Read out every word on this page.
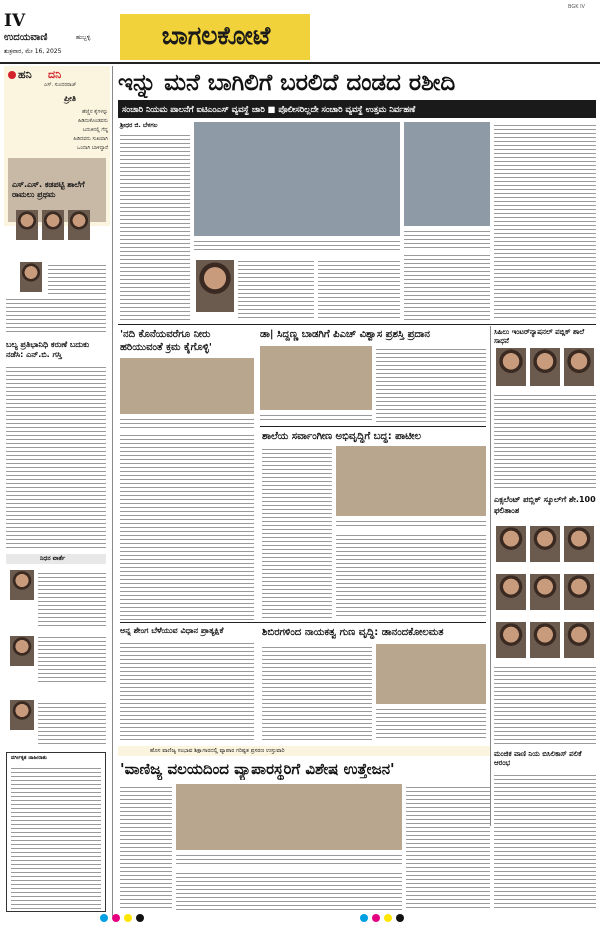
IV
ಉದಯವಾಣಿ	ಹುಬ್ಬಳ್ಳಿ
ಶುಕ್ರವಾರ, ಮೇ 16, 2025
ಬಾಗಲಕೋಟೆ
BGK IV
ಹನಿ ದನಿ
ಎಸ್. ಸುಂದರರಾಜ್
ಪ್ರೀತಿ
ಹೆಣ್ಣಿನ ಕೈಗಳನ್ನು
ಹಿಡಿದುಕೊಂಡವನು
ಬದುಕಿನಲ್ಲಿ ಗೆದ್ದ
ಹಿಡಿದವನು ಸುಖವಾಗಿ
ಒಂದಾಗಿ ಬಾಳಿದ್ದಾರೆ
ಎಸ್.ಎಸ್. ಕಡಪಟ್ಟಿ ಶಾಲೆಗೆ ರಾಮಲು ಪ್ರಥಮ
ಬಲ್ಯ ಪ್ರತಿಭಾನಿಧಿ ಕರುಣೆ ಬದುಕು ನಡೆಸಿ: ಎನ್.ಬಿ. ಗಸ್ತಿ
ನಿಧನ ವಾರ್ತೆ
ವರ್ಗೀಕೃತ ಜಾಹೀರಾತು
ಇನ್ನು ಮನೆ ಬಾಗಿಲಿಗೆ ಬರಲಿದೆ ದಂಡದ ರಶೀದಿ
ಸಂಚಾರಿ ನಿಯಮ ಪಾಲನೆಗೆ ಐಟಿಎಂಎಸ್ ವ್ಯವಸ್ಥೆ ಜಾರಿ ■ ಪೊಲೀಸರಿಲ್ಲದೇ ಸಂಚಾರಿ ವ್ಯವಸ್ಥೆ ಉತ್ತಮ ನಿರ್ವಹಣೆ
ಶ್ರೀಧರ ಜಿ. ಬೆಳಗಲ
'ನದಿ ಕೊನೆಯವರೆಗೂ ನೀರು ಹರಿಯುವಂತೆ ಕ್ರಮ ಕೈಗೊಳ್ಳಿ'
ಡಾ| ಸಿದ್ದಣ್ಣ ಬಾಡಗಿಗೆ ಪಿಎಚ್ ವಿಶ್ವಾಸ ಪ್ರಶಸ್ತಿ ಪ್ರದಾನ
ಶಾಲೆಯ ಸರ್ವಾಂಗೀಣ ಅಭಿವೃದ್ಧಿಗೆ ಬದ್ಧ: ಪಾಟೀಲ
ಅನ್ನ ಶೇಂಗ ಬೆಳೆಯುವ ವಿಧಾನ ಪ್ರಾತ್ಯಕ್ಷಿಕೆ	ಶಿಬಿರಗಳಿಂದ ನಾಯಕತ್ವ ಗುಣ ವೃದ್ಧಿ: ಡಾನಂದಕೋಲಮತ
ಸಿಹಿಲು ಇಂಟರ್‌ನ್ಯಾಷನಲ್ ಪಬ್ಲಿಕ್ ಶಾಲೆ ಸಾಧನೆ
ಎಕ್ಸಲೆಂಟ್ ಪಬ್ಲಿಕ್ ಸ್ಕೂಲ್‌ಗೆ ಶೇ.100 ಫಲಿತಾಂಶ
ಹೊಸ ವಾಣಿಜ್ಯ ಸಂಭಾವ ಶಿಕ್ಷಾಗಾರದಲ್ಲಿ ವ್ಯಾಪಾರ ಗರಿಷ್ಟತ ಪ್ರಸರಣ ಉಸ್ತುವಾರಿ
'ವಾಣಿಜ್ಯ ವಲಯದಿಂದ ವ್ಯಾಪಾರಸ್ಥರಿಗೆ ವಿಶೇಷ ಉತ್ತೇಜನ'
ಮಂಜಿಕ ವಾಣಿ ನಿಯ ಬಿಸಿಲಿಕಾಸ್ ಪಲಿಕೆ ಆರಂಭ
